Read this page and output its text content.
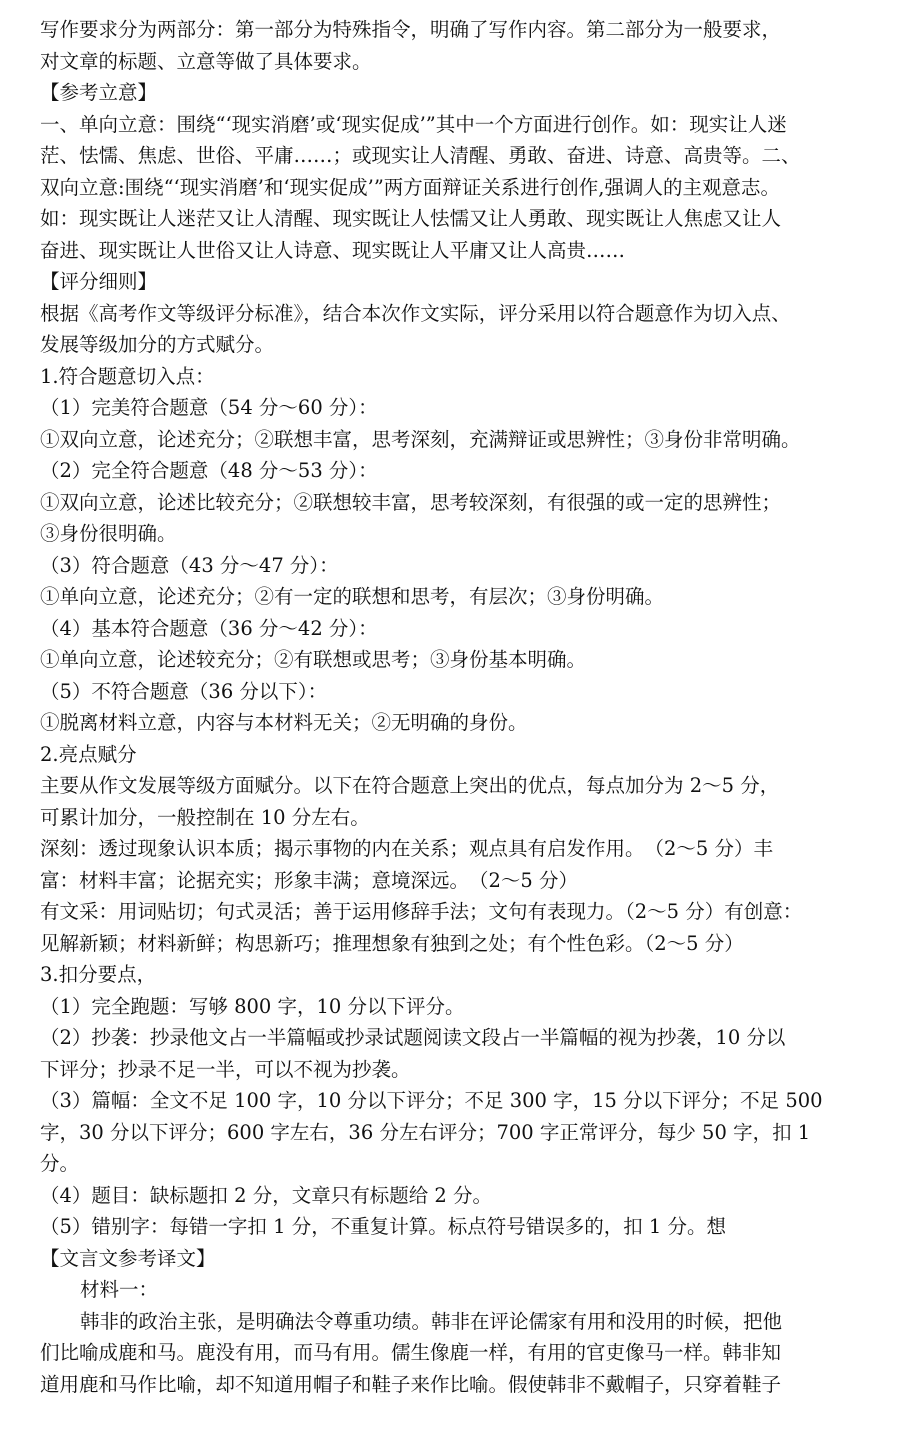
写作要求分为两部分：第一部分为特殊指令，明确了写作内容。第二部分为一般要求，
对文章的标题、立意等做了具体要求。
【参考立意】
一、单向立意：围绕“‘现实消磨’或‘现实促成’”其中一个方面进行创作。如：现实让人迷
茫、怯懦、焦虑、世俗、平庸……；或现实让人清醒、勇敢、奋进、诗意、高贵等。二、
双向立意:围绕“‘现实消磨’和‘现实促成’”两方面辩证关系进行创作,强调人的主观意志。
如：现实既让人迷茫又让人清醒、现实既让人怯懦又让人勇敢、现实既让人焦虑又让人
奋进、现实既让人世俗又让人诗意、现实既让人平庸又让人高贵……
【评分细则】
根据《高考作文等级评分标准》，结合本次作文实际，评分采用以符合题意作为切入点、
发展等级加分的方式赋分。
1.符合题意切入点：
（1）完美符合题意（54 分～60 分）：
①双向立意，论述充分；②联想丰富，思考深刻，充满辩证或思辨性；③身份非常明确。
（2）完全符合题意（48 分～53 分）：
①双向立意，论述比较充分；②联想较丰富，思考较深刻，有很强的或一定的思辨性；
③身份很明确。
（3）符合题意（43 分～47 分）：
①单向立意，论述充分；②有一定的联想和思考，有层次；③身份明确。
（4）基本符合题意（36 分～42 分）：
①单向立意，论述较充分；②有联想或思考；③身份基本明确。
（5）不符合题意（36 分以下）：
①脱离材料立意，内容与本材料无关；②无明确的身份。
2.亮点赋分
主要从作文发展等级方面赋分。以下在符合题意上突出的优点，每点加分为 2～5 分，
可累计加分，一般控制在 10 分左右。
深刻：透过现象认识本质；揭示事物的内在关系；观点具有启发作用。　（2～5 分）丰
富：材料丰富；论据充实；形象丰满；意境深远。　（2～5 分）
有文采：用词贴切；句式灵活；善于运用修辞手法；文句有表现力。（2～5 分）有创意：
见解新颖；材料新鲜；构思新巧；推理想象有独到之处；有个性色彩。（2～5 分）
3.扣分要点，
（1）完全跑题：写够 800 字，10 分以下评分。
（2）抄袭：抄录他文占一半篇幅或抄录试题阅读文段占一半篇幅的视为抄袭，10 分以
下评分；抄录不足一半，可以不视为抄袭。
（3）篇幅：全文不足 100 字，10 分以下评分；不足 300 字，15 分以下评分；不足 500
字，30 分以下评分；600 字左右，36 分左右评分；700 字正常评分，每少 50 字，扣 1
分。
（4）题目：缺标题扣 2 分，文章只有标题给 2 分。
（5）错别字：每错一字扣 1 分，不重复计算。标点符号错误多的，扣 1 分。想
【文言文参考译文】
材料一：
韩非的政治主张，是明确法令尊重功绩。韩非在评论儒家有用和没用的时候，把他
们比喻成鹿和马。鹿没有用，而马有用。儒生像鹿一样，有用的官吏像马一样。韩非知
道用鹿和马作比喻，却不知道用帽子和鞋子来作比喻。假使韩非不戴帽子，只穿着鞋子
